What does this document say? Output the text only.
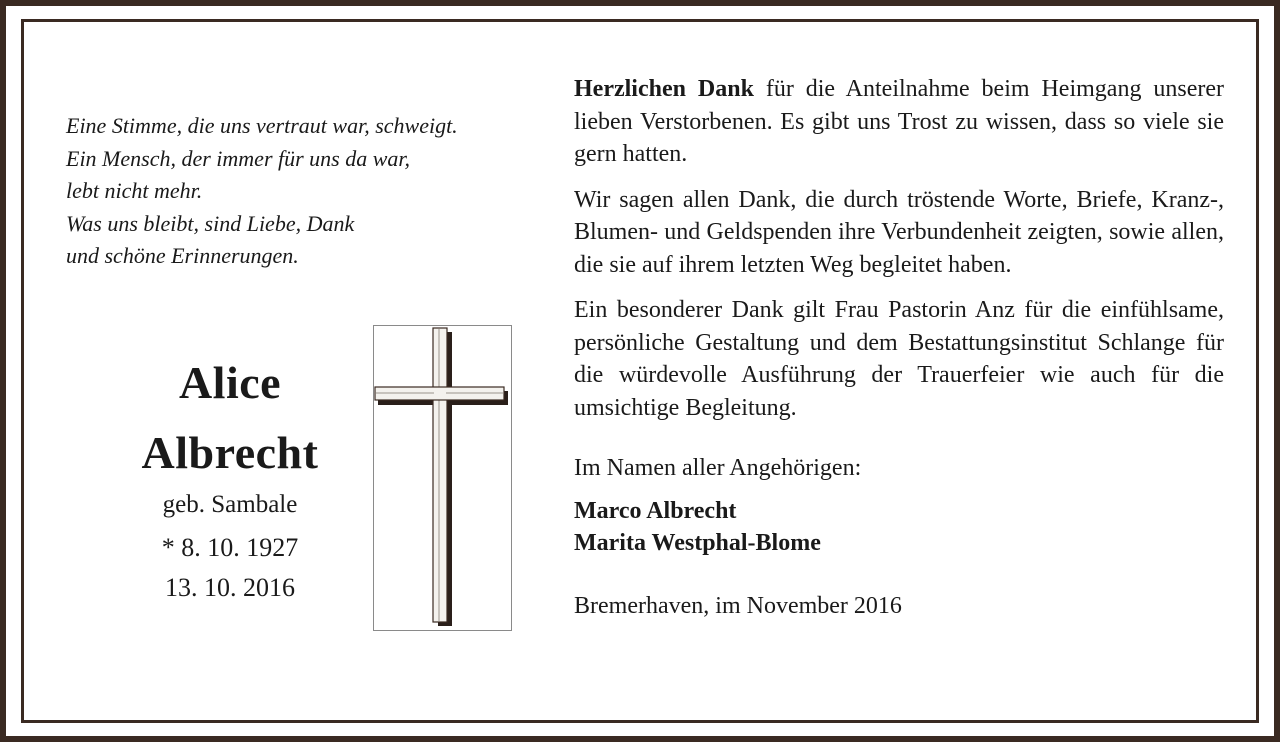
Eine Stimme, die uns vertraut war, schweigt.
Ein Mensch, der immer für uns da war,
lebt nicht mehr.
Was uns bleibt, sind Liebe, Dank
und schöne Erinnerungen.
Alice
Albrecht
geb. Sambale
* 8. 10. 1927
13. 10. 2016

Herzlichen Dank für die Anteilnahme beim Heimgang unserer lieben Verstorbenen. Es gibt uns Trost zu wissen, dass so viele sie gern hatten.

Wir sagen allen Dank, die durch tröstende Worte, Briefe, Kranz-, Blumen- und Geldspenden ihre Verbundenheit zeigten, sowie allen, die sie auf ihrem letzten Weg begleitet haben.

Ein besonderer Dank gilt Frau Pastorin Anz für die einfühlsame, persönliche Gestaltung und dem Bestattungsinstitut Schlange für die würdevolle Ausführung der Trauerfeier wie auch für die umsichtige Begleitung.

Im Namen aller Angehörigen:

Marco Albrecht
Marita Westphal-Blome

Bremerhaven, im November 2016
